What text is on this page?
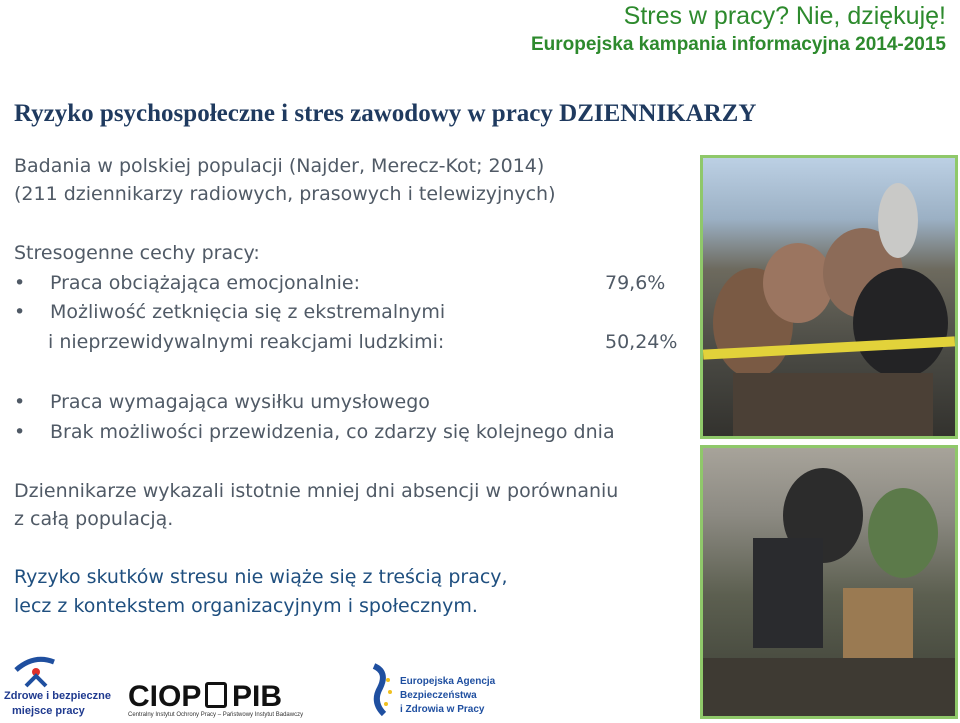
Stres w pracy? Nie, dziękuję!
Europejska kampania informacyjna 2014-2015
Ryzyko psychospołeczne i stres zawodowy w pracy DZIENNIKARZY
Badania w polskiej populacji (Najder, Merecz-Kot; 2014)
(211 dziennikarzy radiowych, prasowych i telewizyjnych)
Stresogenne cechy pracy:
• Praca obciążająca emocjonalnie:	79,6%
• Możliwość zetknięcia się z ekstremalnymi
i nieprzewidywalnymi reakcjami ludzkimi:	50,24%
• Praca wymagająca wysiłku umysłowego
• Brak możliwości przewidzenia, co zdarzy się kolejnego dnia
Dziennikarze wykazali istotnie mniej dni absencji w porównaniu
z całą populacją.
Ryzyko skutków stresu nie wiąże się z treścią pracy,
lecz z kontekstem organizacyjnym i społecznym.
Zdrowe i bezpieczne
miejsce pracy CIOP PIB
Centralny Instytut Ochrony Pracy – Państwowy Instytut Badawczy
Europejska Agencja
Bezpieczeństwa
i Zdrowia w Pracy
